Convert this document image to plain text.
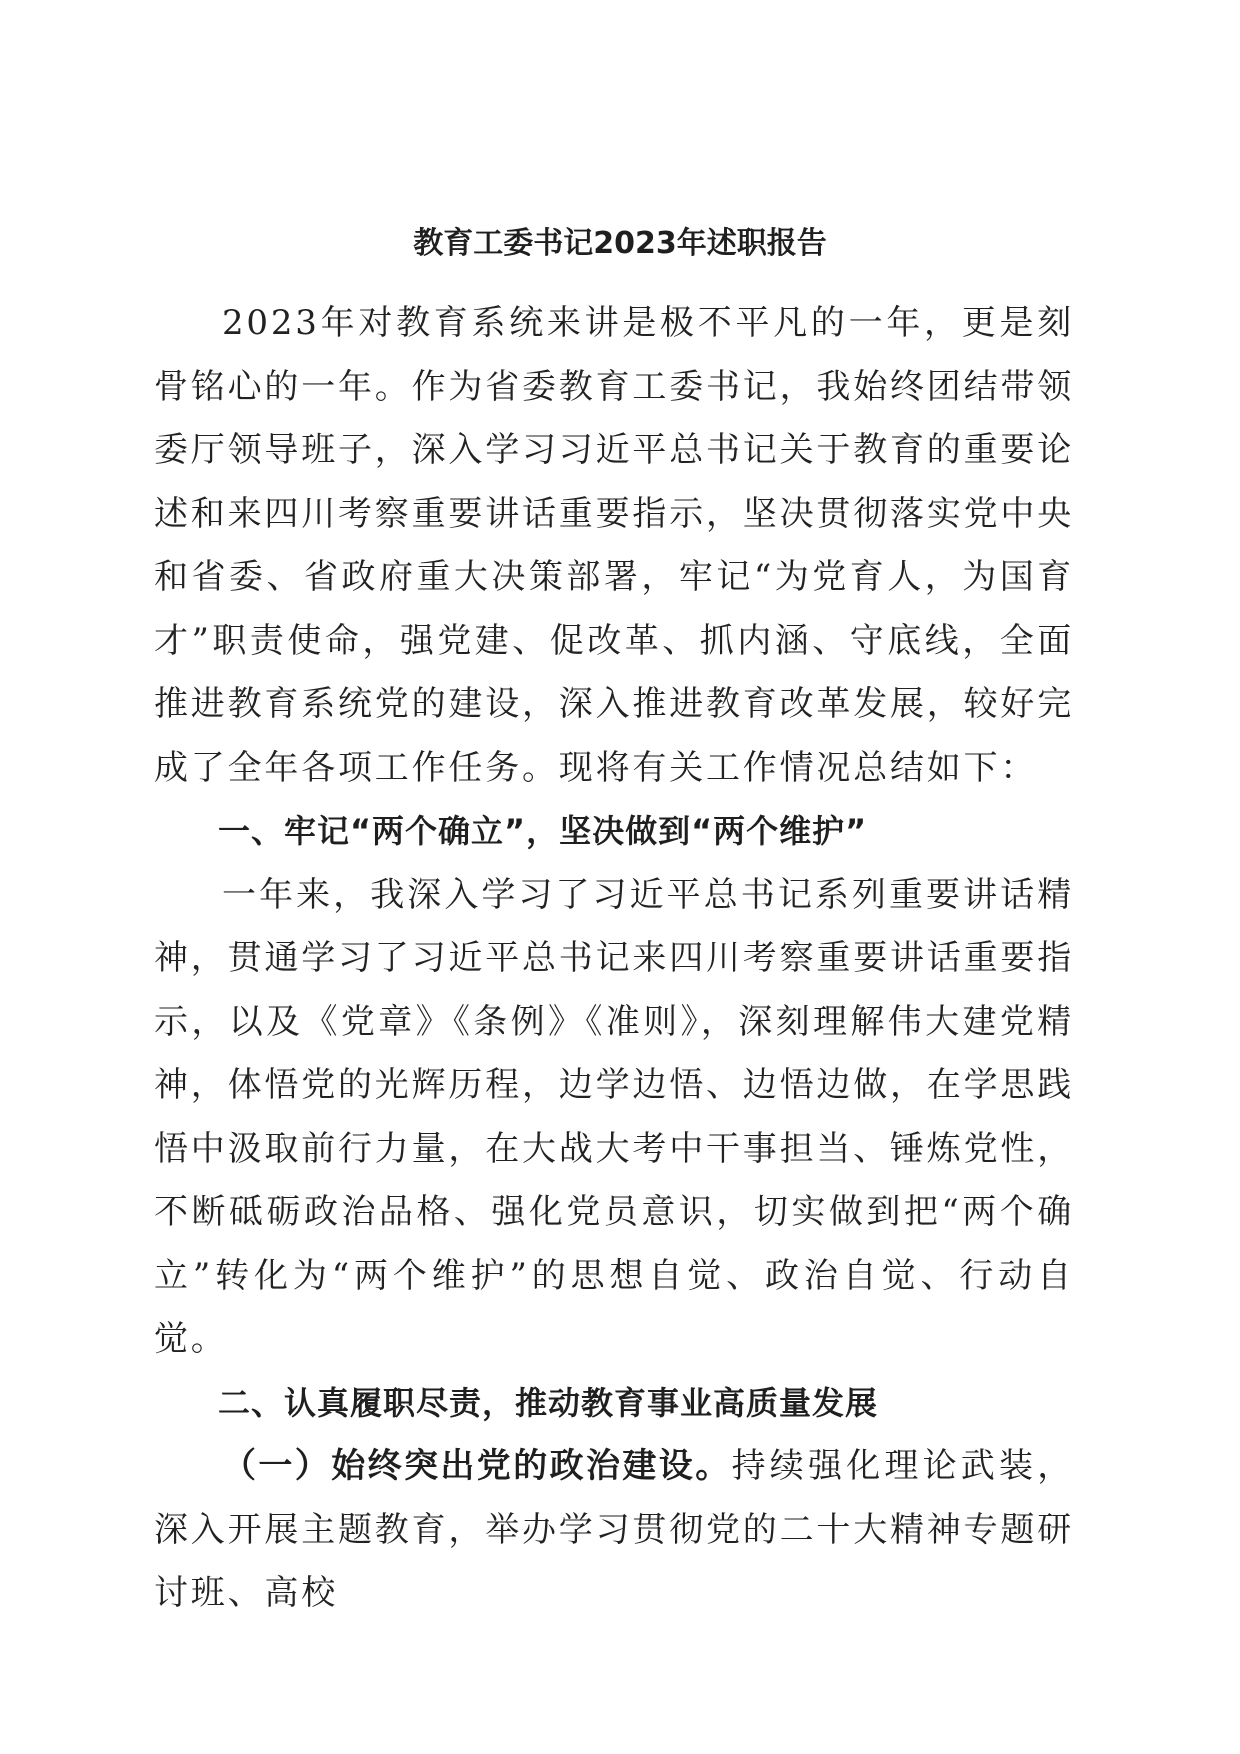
教育工委书记2023年述职报告

2023年对教育系统来讲是极不平凡的一年，更是刻骨铭心的一年。作为省委教育工委书记，我始终团结带领委厅领导班子，深入学习习近平总书记关于教育的重要论述和来四川考察重要讲话重要指示，坚决贯彻落实党中央和省委、省政府重大决策部署，牢记“为党育人，为国育才”职责使命，强党建、促改革、抓内涵、守底线，全面推进教育系统党的建设，深入推进教育改革发展，较好完成了全年各项工作任务。现将有关工作情况总结如下：

一、牢记“两个确立”，坚决做到“两个维护”

一年来，我深入学习了习近平总书记系列重要讲话精神，贯通学习了习近平总书记来四川考察重要讲话重要指示，以及《党章》《条例》《准则》，深刻理解伟大建党精神，体悟党的光辉历程，边学边悟、边悟边做，在学思践悟中汲取前行力量，在大战大考中干事担当、锤炼党性，不断砥砺政治品格、强化党员意识，切实做到把“两个确立”转化为“两个维护”的思想自觉、政治自觉、行动自觉。

二、认真履职尽责，推动教育事业高质量发展

（一）始终突出党的政治建设。持续强化理论武装，深入开展主题教育，举办学习贯彻党的二十大精神专题研讨班、高校
